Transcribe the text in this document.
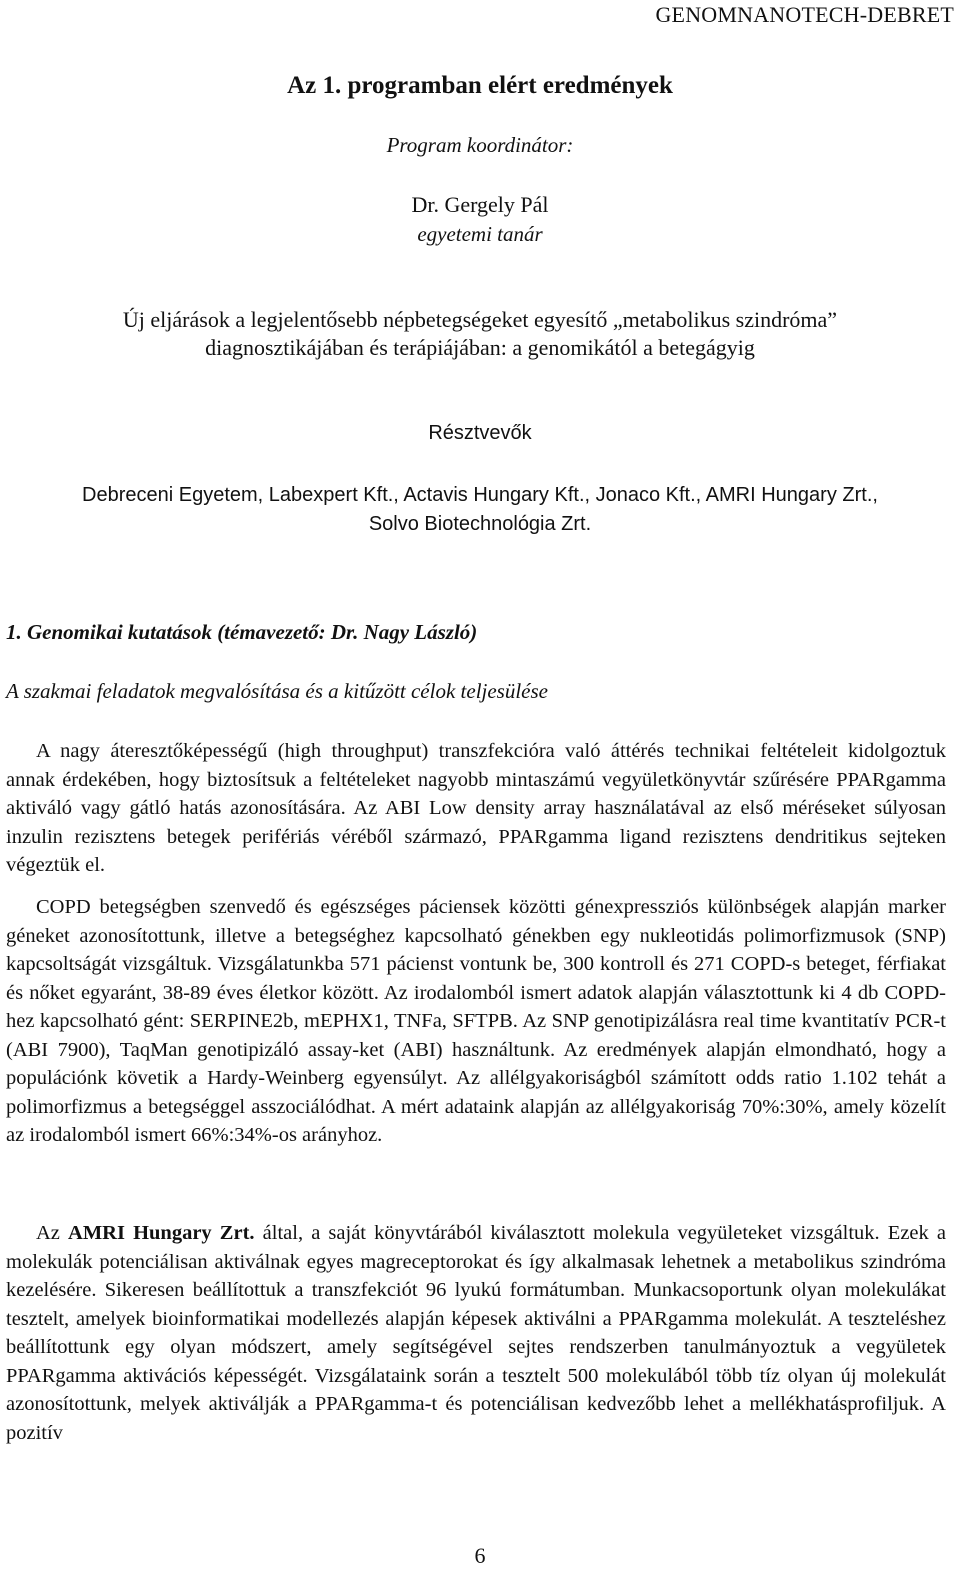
GENOMNANOTECH-DEBRET
Az 1. programban elért eredmények
Program koordinátor:
Dr. Gergely Pál
egyetemi tanár
Új eljárások a legjelentősebb népbetegségeket egyesítő „metabolikus szindróma”
diagnosztikájában és terápiájában: a genomikától a betegágyig
Résztvevők
Debreceni Egyetem, Labexpert Kft., Actavis Hungary Kft., Jonaco Kft., AMRI Hungary Zrt.,
Solvo Biotechnológia Zrt.
1. Genomikai kutatások (témavezető: Dr. Nagy László)
A szakmai feladatok megvalósítása és a kitűzött célok teljesülése

A nagy áteresztőképességű (high throughput) transzfekcióra való áttérés technikai feltételeit kidolgoztuk annak érdekében, hogy biztosítsuk a feltételeket nagyobb mintaszámú vegyületkönyvtár szűrésére PPARgamma aktiváló vagy gátló hatás azonosítására. Az ABI Low density array használatával az első méréseket súlyosan inzulin rezisztens betegek perifériás véréből származó, PPARgamma ligand rezisztens dendritikus sejteken végeztük el.

COPD betegségben szenvedő és egészséges páciensek közötti génexpressziós különbségek alapján marker géneket azonosítottunk, illetve a betegséghez kapcsolható génekben egy nukleotidás polimorfizmusok (SNP) kapcsoltságát vizsgáltuk. Vizsgálatunkba 571 pácienst vontunk be, 300 kontroll és 271 COPD-s beteget, férfiakat és nőket egyaránt, 38-89 éves életkor között. Az irodalomból ismert adatok alapján választottunk ki 4 db COPD-hez kapcsolható gént: SERPINE2b, mEPHX1, TNFa, SFTPB. Az SNP genotipizálásra real time kvantitatív PCR-t (ABI 7900), TaqMan genotipizáló assay-ket (ABI) használtunk. Az eredmények alapján elmondható, hogy a populációnk követik a Hardy-Weinberg egyensúlyt. Az allélgyakoriságból számított odds ratio 1.102 tehát a polimorfizmus a betegséggel asszociálódhat. A mért adataink alapján az allélgyakoriság 70%:30%, amely közelít az irodalomból ismert 66%:34%-os arányhoz.

Az AMRI Hungary Zrt. által, a saját könyvtárából kiválasztott molekula vegyületeket vizsgáltuk. Ezek a molekulák potenciálisan aktiválnak egyes magreceptorokat és így alkalmasak lehetnek a metabolikus szindróma kezelésére. Sikeresen beállítottuk a transzfekciót 96 lyukú formátumban. Munkacsoportunk olyan molekulákat tesztelt, amelyek bioinformatikai modellezés alapján képesek aktiválni a PPARgamma molekulát. A teszteléshez beállítottunk egy olyan módszert, amely segítségével sejtes rendszerben tanulmányoztuk a vegyületek PPARgamma aktivációs képességét. Vizsgálataink során a tesztelt 500 molekulából több tíz olyan új molekulát azonosítottunk, melyek aktiválják a PPARgamma-t és potenciálisan kedvezőbb lehet a mellékhatásprofiljuk. A pozitív

6
